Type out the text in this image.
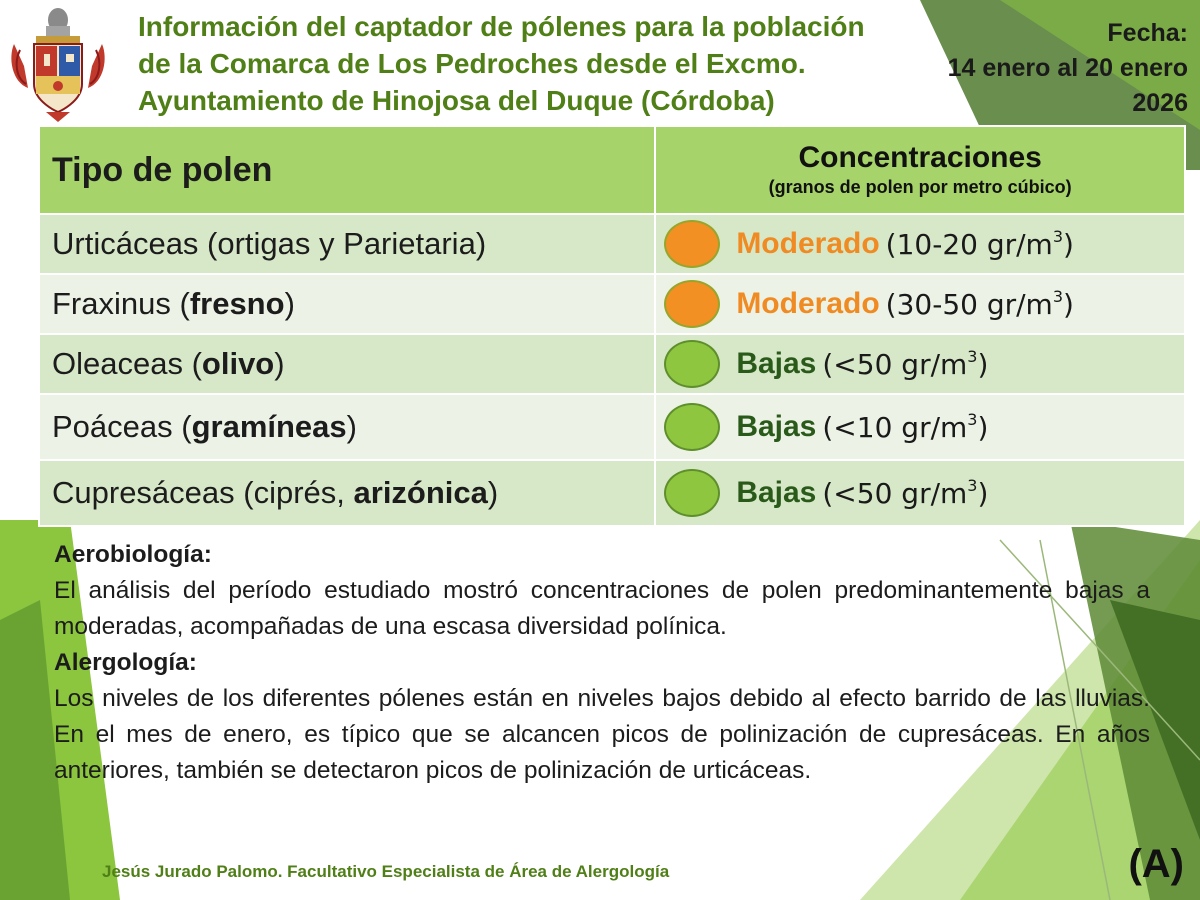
Información del captador de pólenes para la población
de la Comarca de Los Pedroches desde el Excmo.
Ayuntamiento de Hinojosa del Duque (Córdoba)
Fecha:
14 enero al 20 enero
2026
Tipo de polen	Concentraciones
(granos de polen por metro cúbico)

Urticáceas (ortigas y Parietaria)	Moderado (10-20 $gr/m^3$)

Fraxinus (fresno)	Moderado (30-50 $gr/m^3$)

Oleaceas (olivo)	Bajas (<50 $gr/m^3$)

Poáceas (gramíneas)	Bajas (<10 $gr/m^3$)

Cupresáceas (ciprés, arizónica)	Bajas (<50 $gr/m^3$)
Aerobiología:
El análisis del período estudiado mostró concentraciones de polen predominantemente bajas a moderadas, acompañadas de una escasa diversidad polínica.
Alergología:
Los niveles de los diferentes pólenes están en niveles bajos debido al efecto barrido de las lluvias. En el mes de enero, es típico que se alcancen picos de polinización de cupresáceas. En años anteriores, también se detectaron picos de polinización de urticáceas.
Jesús Jurado Palomo. Facultativo Especialista de Área de Alergología	(A)
